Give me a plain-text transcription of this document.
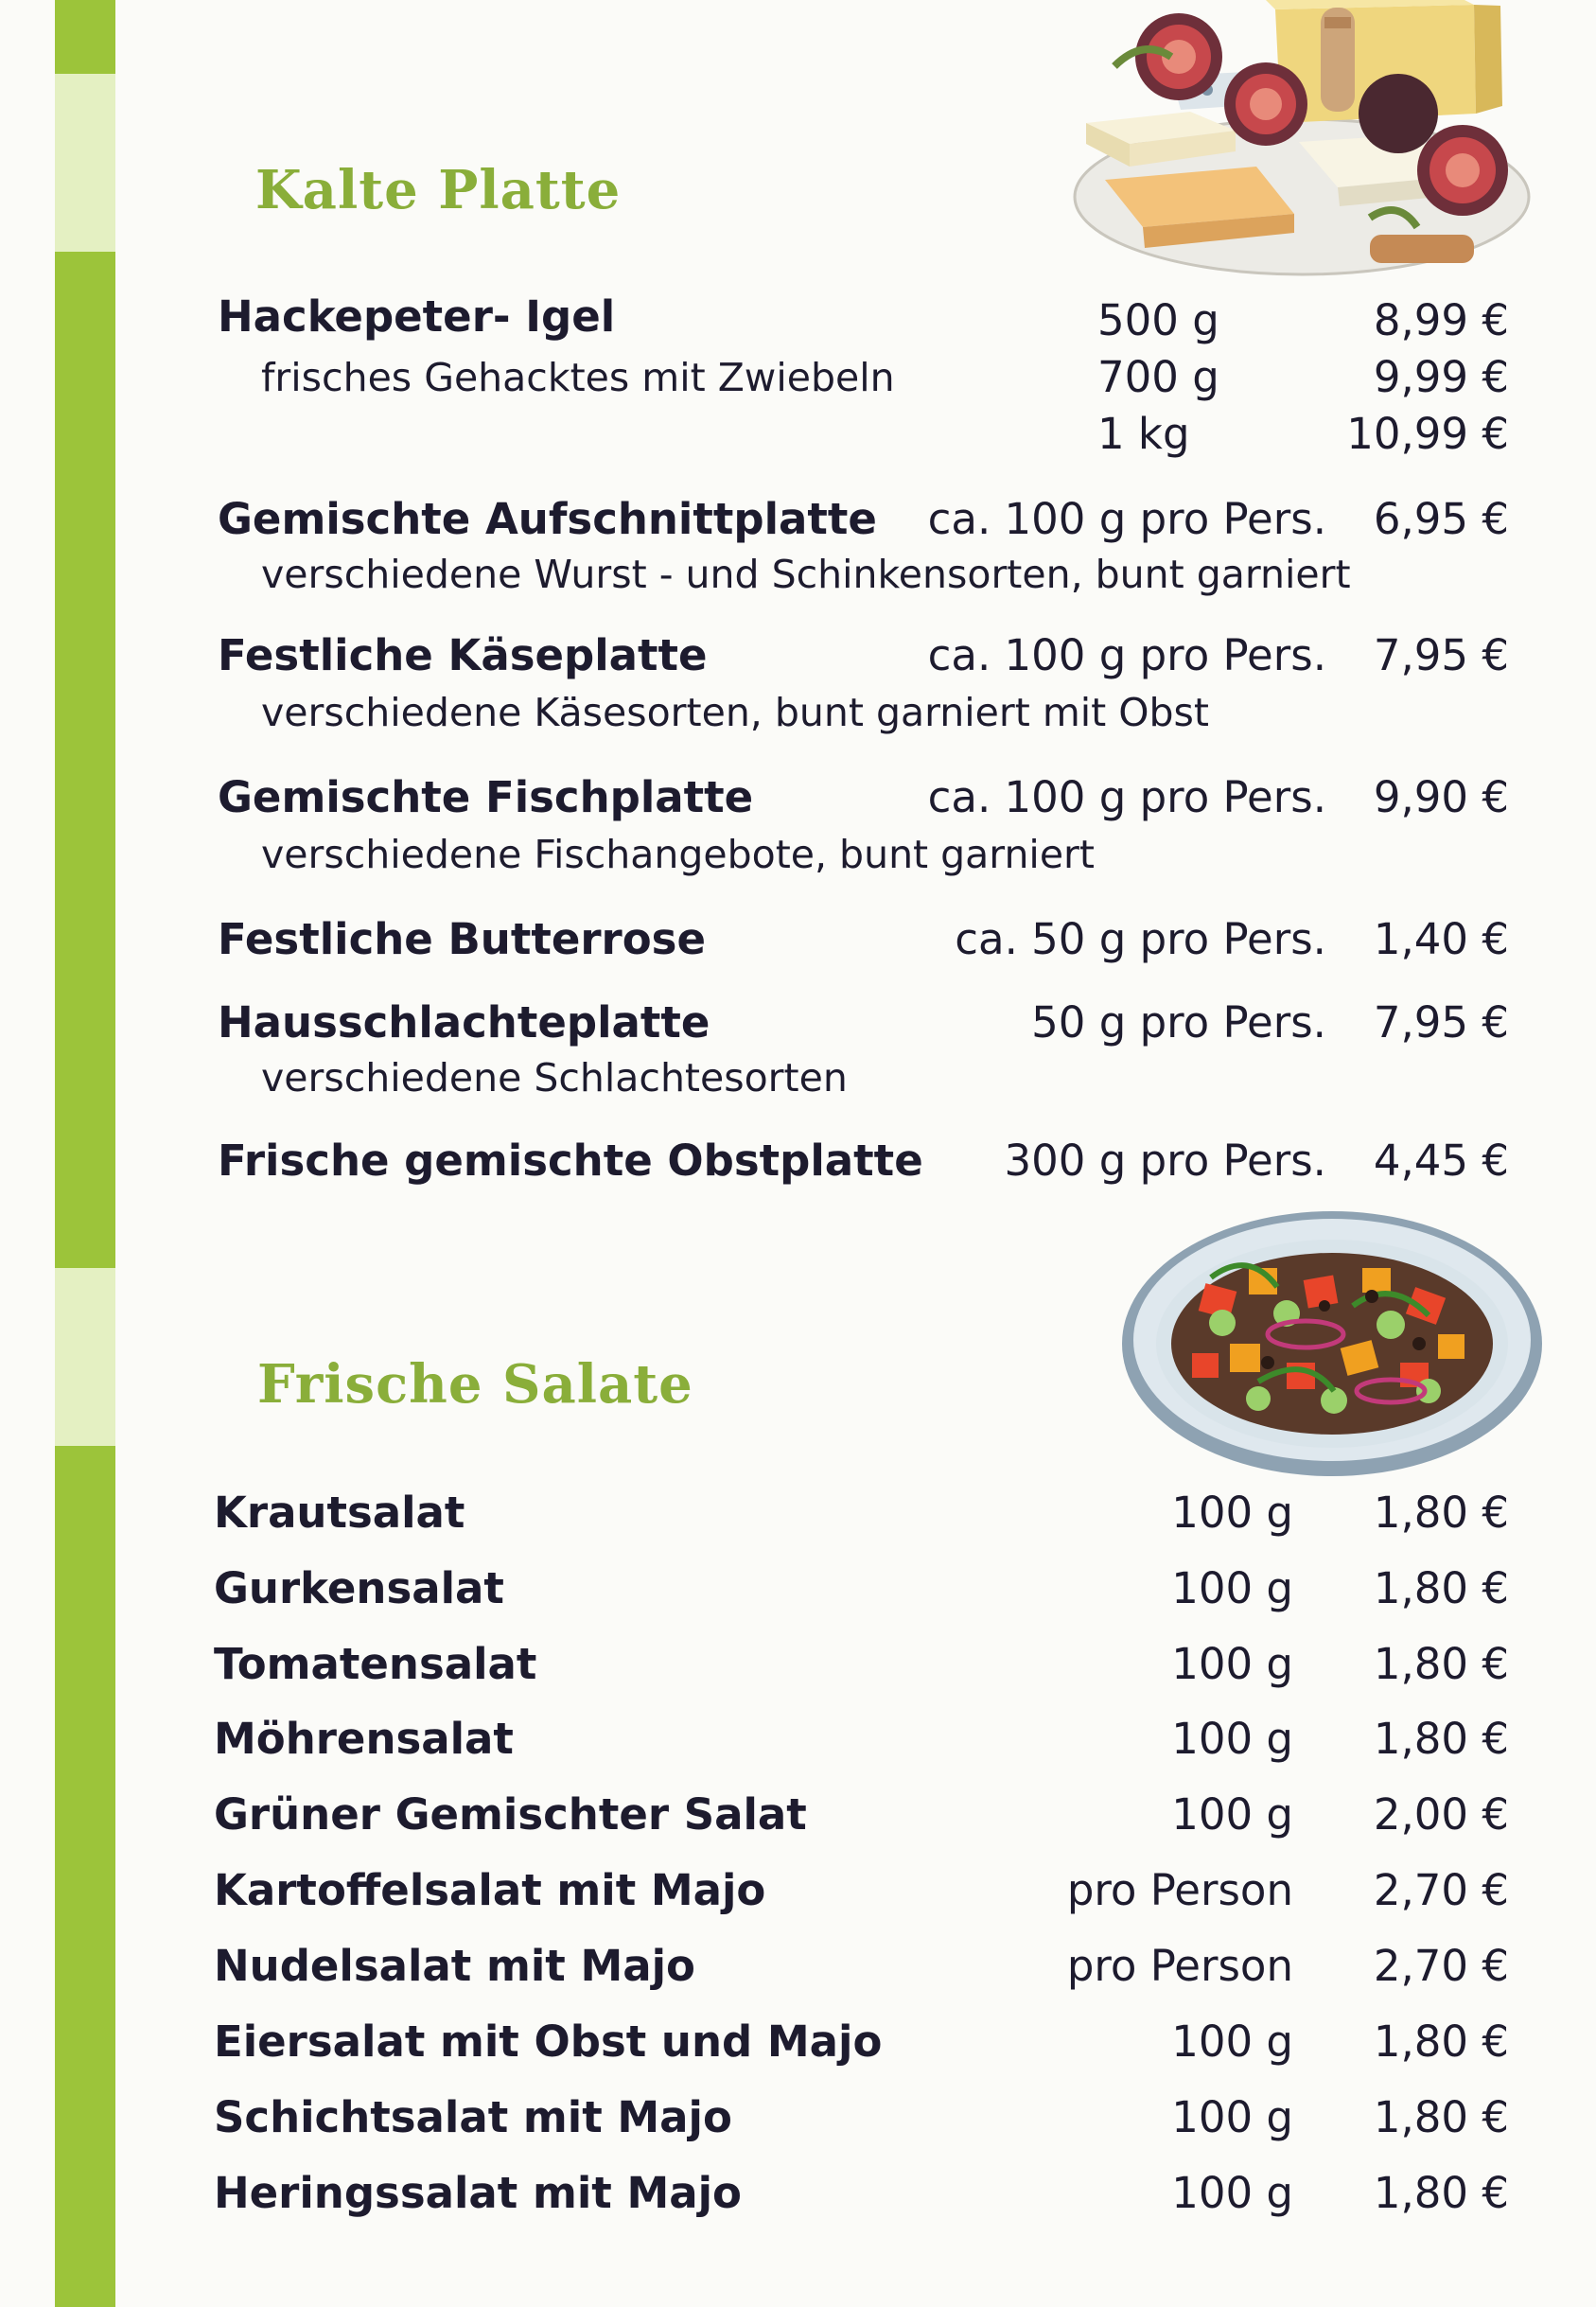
Kalte Platte
Hackepeter- Igel
frisches Gehacktes mit Zwiebeln
500 g	8,99 €
700 g	9,99 €
1 kg	10,99 €
Gemischte Aufschnittplatte ca. 100 g pro Pers. 6,95 €
verschiedene Wurst - und Schinkensorten, bunt garniert
Festliche Käseplatte	ca. 100 g pro Pers. 7,95 €
verschiedene Käsesorten, bunt garniert mit Obst
Gemischte Fischplatte	ca. 100 g pro Pers. 9,90 €
verschiedene Fischangebote, bunt garniert
Festliche Butterrose	ca. 50 g pro Pers. 1,40 €
Hausschlachteplatte	50 g pro Pers. 7,95 €
verschiedene Schlachtesorten
Frische gemischte Obstplatte 300 g pro Pers. 4,45 €
Frische Salate
Krautsalat	100 g 1,80 €
Gurkensalat	100 g 1,80 €
Tomatensalat	100 g 1,80 €
Möhrensalat	100 g 1,80 €
Grüner Gemischter Salat	100 g 2,00 €
Kartoffelsalat mit Majo	pro Person 2,70 €
Nudelsalat mit Majo	pro Person 2,70 €
Eiersalat mit Obst und Majo	100 g 1,80 €
Schichtsalat mit Majo	100 g 1,80 €
Heringssalat mit Majo	100 g 1,80 €
